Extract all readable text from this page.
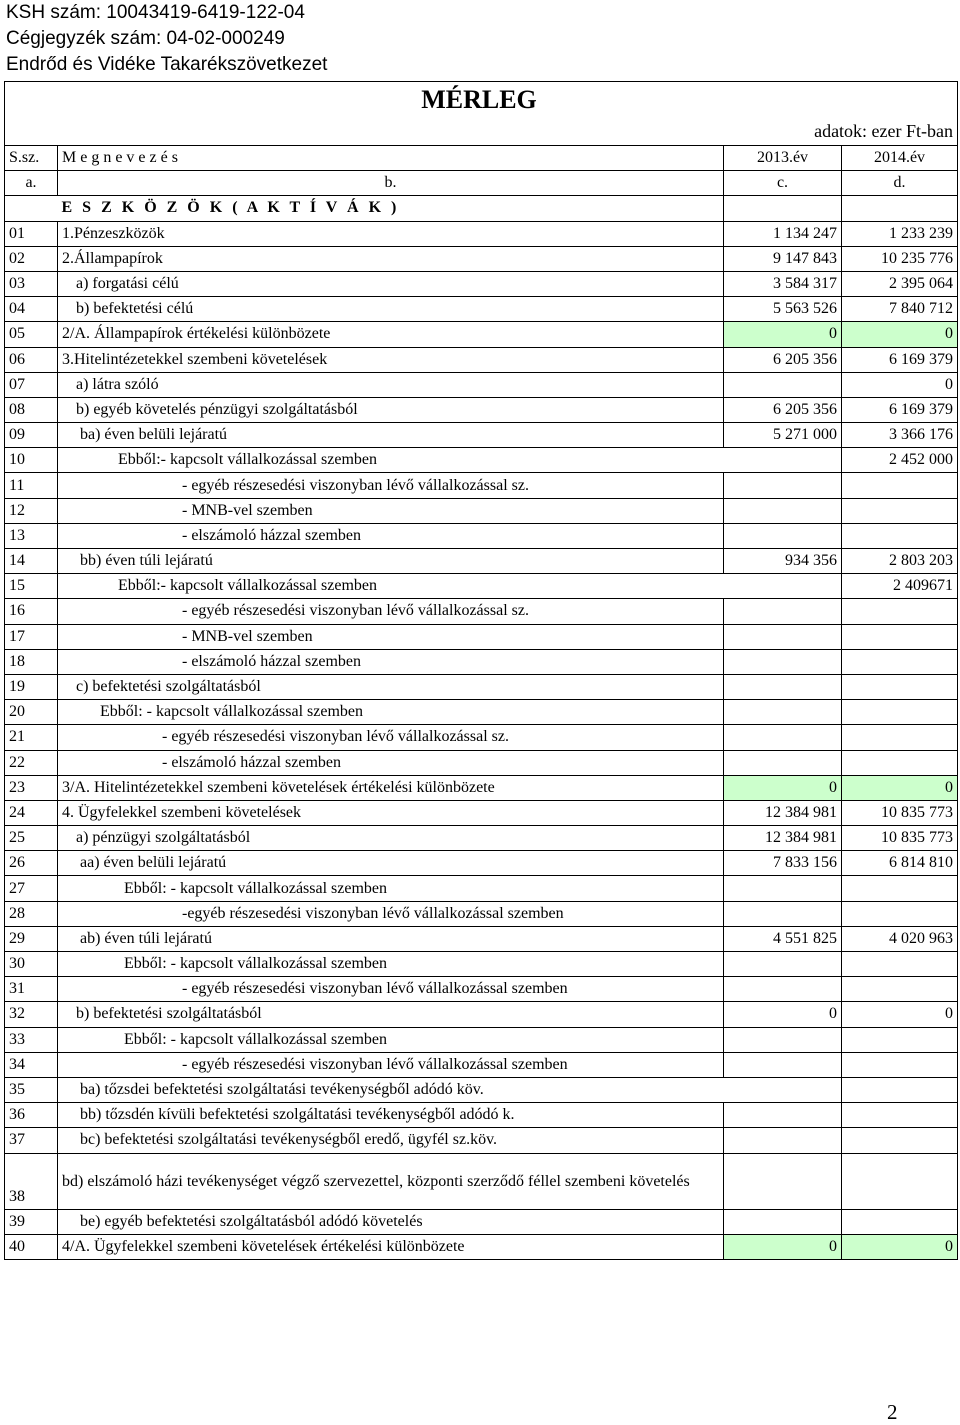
KSH szám: 10043419-6419-122-04
Cégjegyzék szám: 04-02-000249
Endrőd és Vidéke Takarékszövetkezet
MÉRLEG			
adatok: ezer Ft-ban			
S.sz.	M e g n e v e z é s	2013.év	2014.év
a.	b.	c.	d.
	E S Z K Ö Z Ö K ( A K T Í V Á K )		
01	1.Pénzeszközök	1 134 247	1 233 239
02	2.Állampapírok	9 147 843	10 235 776
03	a) forgatási célú	3 584 317	2 395 064
04	b) befektetési célú	5 563 526	7 840 712
05	2/A. Állampapírok értékelési különbözete	0	0
06	3.Hitelintézetekkel szembeni követelések	6 205 356	6 169 379
07	a) látra szóló		0
08	b) egyéb követelés pénzügyi szolgáltatásból	6 205 356	6 169 379
09	ba) éven belüli lejáratú	5 271 000	3 366 176
10	Ebből:- kapcsolt vállalkozással szemben		2 452 000
11	- egyéb részesedési viszonyban lévő vállalkozással sz.		
12	- MNB-vel szemben		
13	- elszámoló házzal szemben		
14	bb) éven túli lejáratú	934 356	2 803 203
15	Ebből:- kapcsolt vállalkozással szemben		2 409671
16	- egyéb részesedési viszonyban lévő vállalkozással sz.		
17	- MNB-vel szemben		
18	- elszámoló házzal szemben		
19	c) befektetési szolgáltatásból		
20	Ebből: - kapcsolt vállalkozással szemben		
21	- egyéb részesedési viszonyban lévő vállalkozással sz.		
22	- elszámoló házzal szemben		
23	3/A. Hitelintézetekkel szembeni követelések értékelési különbözete	0	0
24	4. Ügyfelekkel szembeni követelések	12 384 981	10 835 773
25	a) pénzügyi szolgáltatásból	12 384 981	10 835 773
26	aa) éven belüli lejáratú	7 833 156	6 814 810
27	Ebből: - kapcsolt vállalkozással szemben		
28	-egyéb részesedési viszonyban lévő vállalkozással szemben		
29	ab) éven túli lejáratú	4 551 825	4 020 963
30	Ebből: - kapcsolt vállalkozással szemben		
31	- egyéb részesedési viszonyban lévő vállalkozással szemben		
32	b) befektetési szolgáltatásból	0	0
33	Ebből: - kapcsolt vállalkozással szemben		
34	- egyéb részesedési viszonyban lévő vállalkozással szemben		
35	ba) tőzsdei befektetési szolgáltatási tevékenységből adódó köv.		
36	bb) tőzsdén kívüli befektetési szolgáltatási tevékenységből adódó k.		
37	bc) befektetési szolgáltatási tevékenységből eredő, ügyfél sz.köv.		
38	bd) elszámoló házi tevékenységet végző szervezettel, központi szerződő féllel szembeni követelés		
39	be) egyéb befektetési szolgáltatásból adódó követelés		
40	4/A. Ügyfelekkel szembeni követelések értékelési különbözete	0	0
2
